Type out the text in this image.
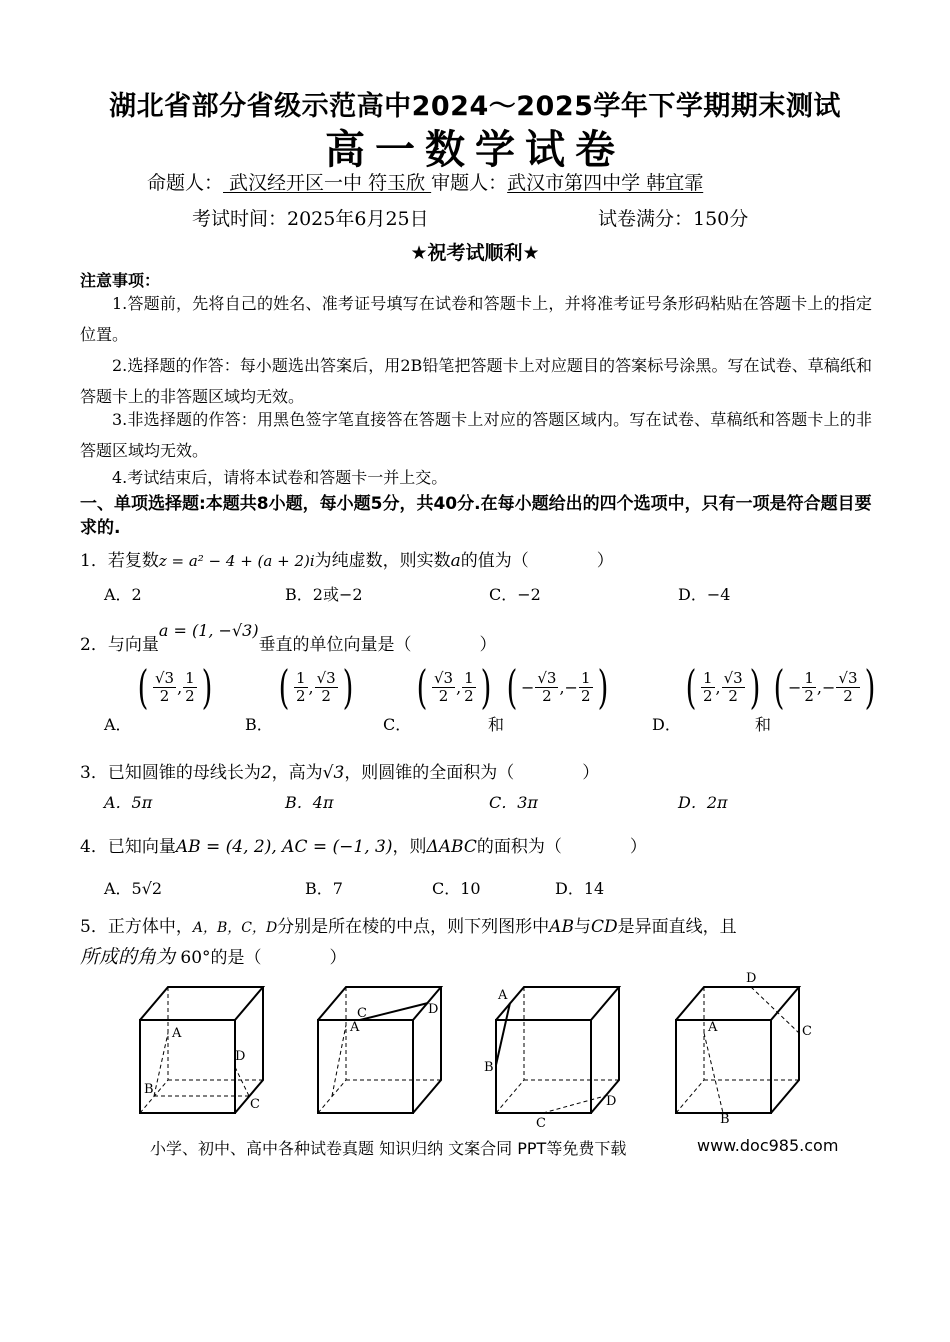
湖北省部分省级示范高中2024～2025学年下学期期末测试
高一数学试卷
命题人： 武汉经开区一中 符玉欣 审题人：武汉市第四中学 韩宜霏
考试时间：2025年6月25日	试卷满分：150分
★祝考试顺利★
注意事项：
1.答题前，先将自己的姓名、准考证号填写在试卷和答题卡上，并将准考证号条形码粘贴在答题卡上的指定位置。
2.选择题的作答：每小题选出答案后，用2B铅笔把答题卡上对应题目的答案标号涂黑。写在试卷、草稿纸和答题卡上的非答题区域均无效。
3.非选择题的作答：用黑色签字笔直接答在答题卡上对应的答题区域内。写在试卷、草稿纸和答题卡上的非答题区域均无效。
4.考试结束后，请将本试卷和答题卡一并上交。
一、单项选择题:本题共8小题，每小题5分，共40分.在每小题给出的四个选项中，只有一项是符合题目要求的.
1．若复数z = a² − 4 + (a + 2)i为纯虚数，则实数a的值为（　　　　）
A．2	B．2或−2	C．−2	D．−4
2．与向量a = (1, −√3)垂直的单位向量是（　　　　）
A．
( √3
2 , 1
2 )
B．
( 1
2 , √3
2 )
C．
( √3
2 , 1
2 )
和
( − √3
2 ,− 1
2 )
D．
( 1
2 , √3
2 )
和
( − 1
2 ,− √3
2 )
3．已知圆锥的母线长为2，高为√3，则圆锥的全面积为（　　　　）
A．5π	B．4π	C．3π	D．2π
4．已知向量AB = (4, 2), AC = (−1, 3)，则ΔABC的面积为（　　　　）
A．5√2	B．7	C．10	D．14
5．正方体中，A，B，C，D分别是所在棱的中点，则下列图形中AB与CD是异面直线，且
所成的角为 60°的是（　　　　）
A
D
B
C
C	D
A
A
B
C
D
D
C
A
B
小学、初中、高中各种试卷真题 知识归纳 文案合同 PPT等免费下载	www.doc985.com
